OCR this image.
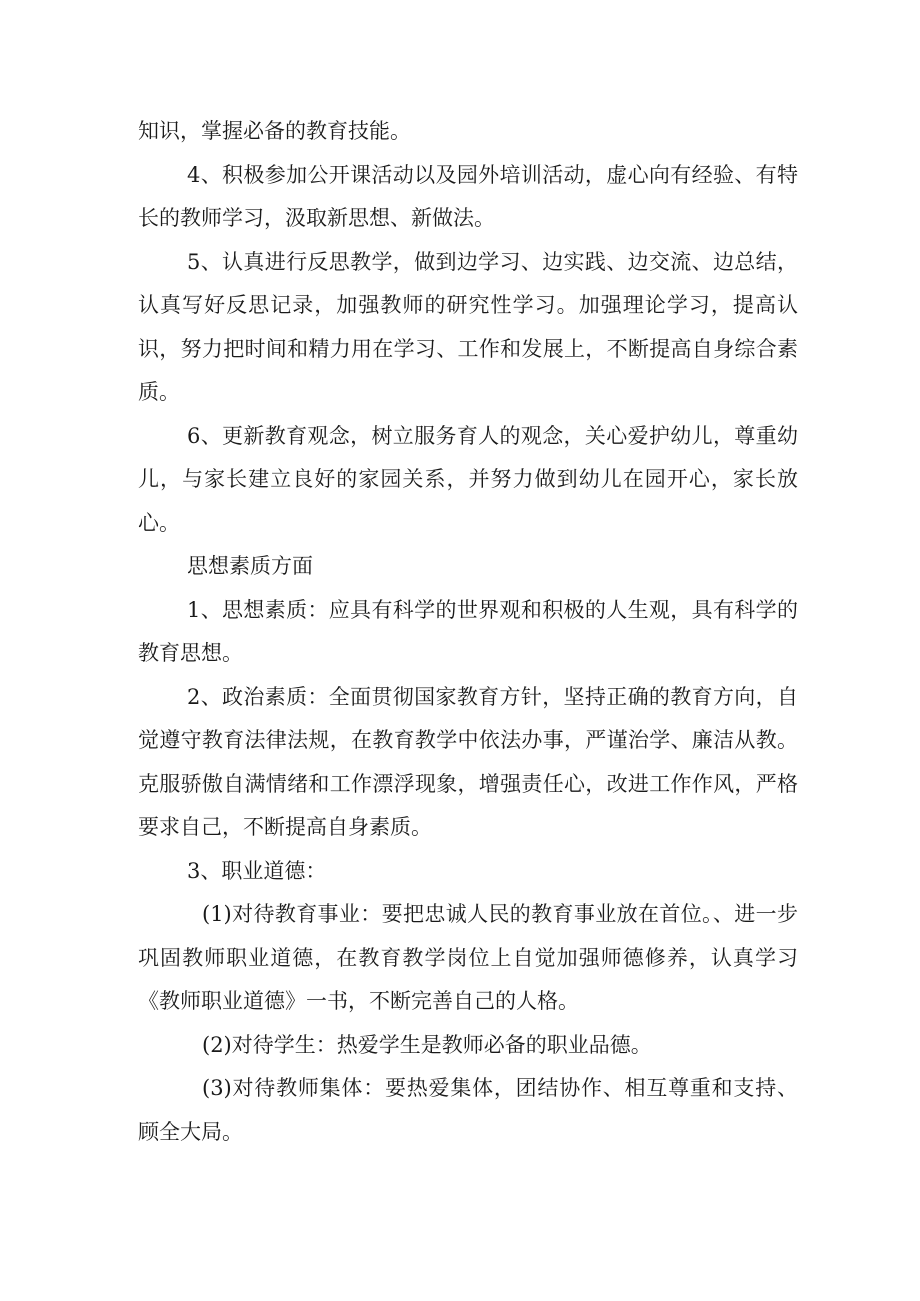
知识，掌握必备的教育技能。

4、积极参加公开课活动以及园外培训活动，虚心向有经验、有特长的教师学习，汲取新思想、新做法。

5、认真进行反思教学，做到边学习、边实践、边交流、边总结，认真写好反思记录，加强教师的研究性学习。加强理论学习，提高认识，努力把时间和精力用在学习、工作和发展上，不断提高自身综合素质。

6、更新教育观念，树立服务育人的观念，关心爱护幼儿，尊重幼儿，与家长建立良好的家园关系，并努力做到幼儿在园开心，家长放心。

思想素质方面

1、思想素质：应具有科学的世界观和积极的人生观，具有科学的教育思想。

2、政治素质：全面贯彻国家教育方针，坚持正确的教育方向，自觉遵守教育法律法规，在教育教学中依法办事，严谨治学、廉洁从教。克服骄傲自满情绪和工作漂浮现象，增强责任心，改进工作作风，严格要求自己，不断提高自身素质。

3、职业道德：

(1)对待教育事业：要把忠诚人民的教育事业放在首位。、进一步巩固教师职业道德，在教育教学岗位上自觉加强师德修养，认真学习《教师职业道德》一书，不断完善自己的人格。

(2)对待学生：热爱学生是教师必备的职业品德。

(3)对待教师集体：要热爱集体，团结协作、相互尊重和支持、顾全大局。
